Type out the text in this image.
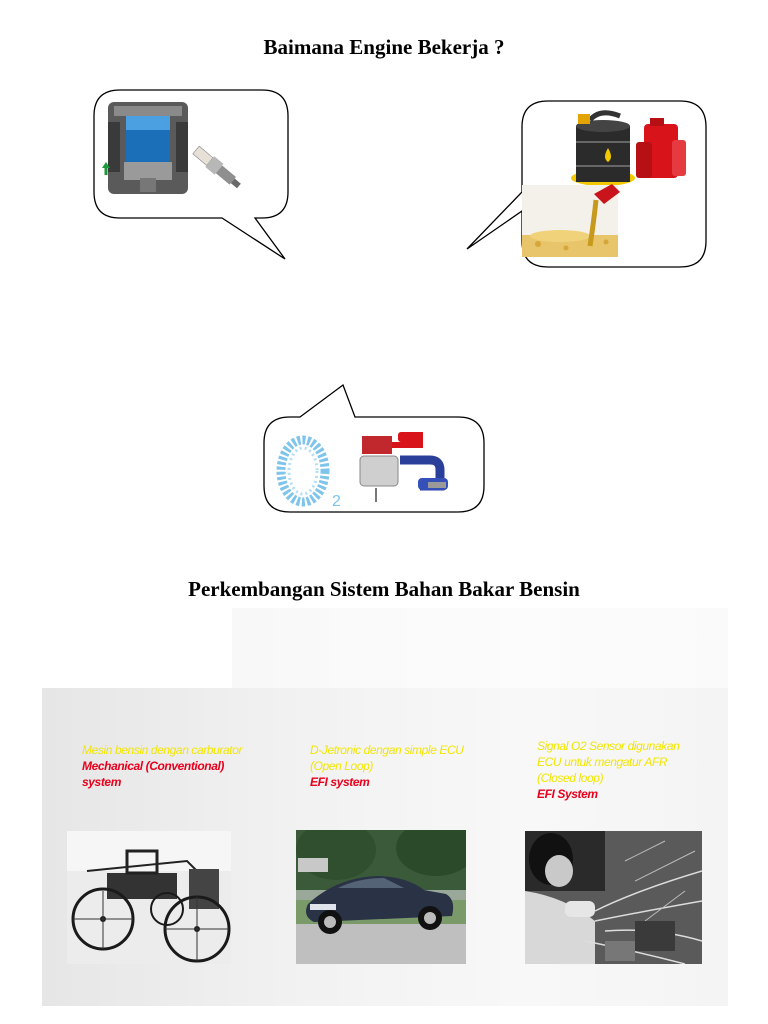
Baimana Engine Bekerja ?
2
Perkembangan Sistem Bahan Bakar Bensin
Mesin bensin dengan carburator
Mechanical (Conventional)
system
D-Jetronic dengan simple ECU
(Open Loop)
EFI system
Signal O2 Sensor digunakan
ECU untuk mengatur AFR
(Closed loop)
EFI System
